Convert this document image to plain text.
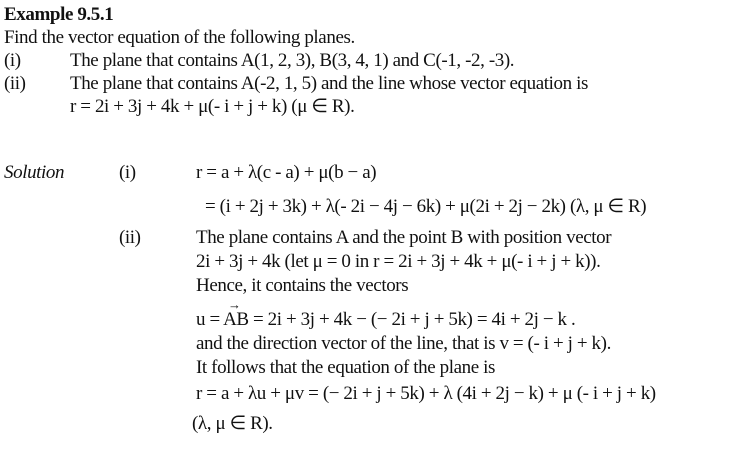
Example 9.5.1
Find the vector equation of the following planes.
(i)	The plane that contains A(1, 2, 3), B(3, 4, 1) and C(-1, -2, -3).
(ii) The plane that contains A(-2, 1, 5) and the line whose vector equation is
r = 2i + 3j + 4k + μ(- i + j + k) (μ ∈ R).
Solution	(i)	r = a + λ(c - a) + μ(b − a)
= (i + 2j + 3k) + λ(- 2i − 4j − 6k) + μ(2i + 2j − 2k) (λ, μ ∈ R)
(ii)	The plane contains A and the point B with position vector
2i + 3j + 4k (let μ = 0 in r = 2i + 3j + 4k + μ(- i + j + k)).
Hence, it contains the vectors
→
u = AB = 2i + 3j + 4k − (− 2i + j + 5k) = 4i + 2j − k .
and the direction vector of the line, that is v = (- i + j + k).
It follows that the equation of the plane is
r = a + λu + μv = (− 2i + j + 5k) + λ (4i + 2j − k) + μ (- i + j + k)
(λ, μ ∈ R).
